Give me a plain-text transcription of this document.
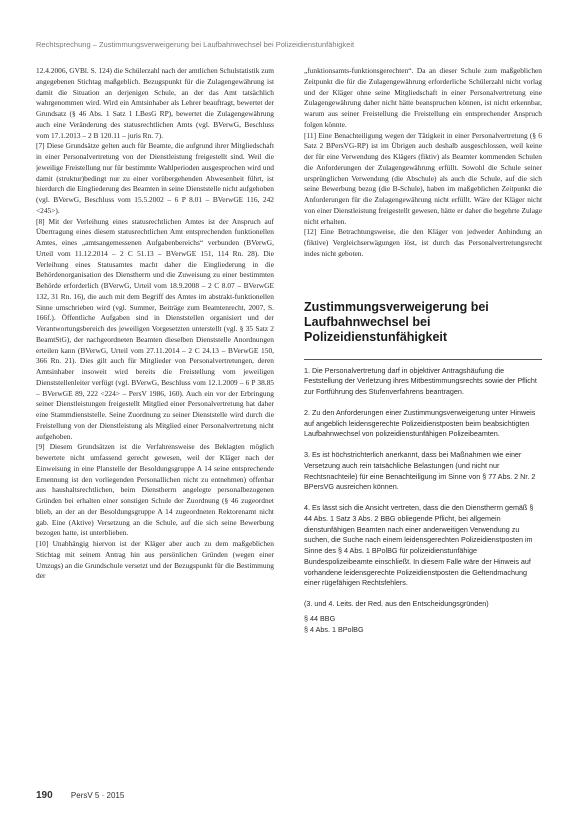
Rechtsprechung – Zustimmungsverweigerung bei Laufbahnwechsel bei Polizeidienstunfähigkeit

12.4.2006, GVBl. S. 124) die Schülerzahl nach der amtlichen Schulstatistik zum angegebenen Stichtag maßgeblich. Bezugspunkt für die Zulagengewährung ist damit die Situation an derjenigen Schule, an der das Amt tatsächlich wahrgenommen wird. Wird ein Amtsinhaber als Lehrer beauftragt, bewertet der Grundsatz (§ 46 Abs. 1 Satz 1 LBesG RP), bewertet die Zulagengewährung auch eine Veränderung des statusrechtlichen Amts (vgl. BVerwG, Beschluss vom 17.1.2013 – 2 B 120.11 – juris Rn. 7).

[7] Diese Grundsätze gelten auch für Beamte, die aufgrund ihrer Mitgliedschaft in einer Personalvertretung von der Dienstleistung freigestellt sind. Weil die jeweilige Freistellung nur für bestimmte Wahlperioden ausgesprochen wird und damit (struktur)bedingt nur zu einer vorübergehenden Abwesenheit führt, ist hierdurch die Eingliederung des Beamten in seine Dienststelle nicht aufgehoben (vgl. BVerwG, Beschluss vom 15.5.2002 – 6 P 8.01 – BVerwGE 116, 242 <245>).

[8] Mit der Verleihung eines statusrechtlichen Amtes ist der Anspruch auf Übertragung eines diesem statusrechtlichen Amt entsprechenden funktionellen Amtes, eines „amtsangemessenen Aufgabenbereichs“ verbunden (BVerwG, Urteil vom 11.12.2014 – 2 C 51.13 – BVerwGE 151, 114 Rn. 28). Die Verleihung eines Statusamtes macht daher die Eingliederung in die Behördenorganisation des Dienstherrn und die Zuweisung zu einer bestimmten Behörde erforderlich (BVerwG, Urteil vom 18.9.2008 – 2 C 8.07 – BVerwGE 132, 31 Rn. 16), die auch mit dem Begriff des Amtes im abstrakt-funktionellen Sinne umschrieben wird (vgl. Summer, Beiträge zum Beamtenrecht, 2007, S. 166f.). Öffentliche Aufgaben sind in Dienststellen organisiert und der Verantwortungsbereich des jeweiligen Vorgesetzten unterstellt (vgl. § 35 Satz 2 BeamtStG), der nachgeordneten Beamten dieselben Dienststelle Anordnungen erteilen kann (BVerwG, Urteil vom 27.11.2014 – 2 C 24.13 – BVerwGE 150, 366 Rn. 21). Dies gilt auch für Mitglieder von Personalvertretungen, deren Amtsinhaber insoweit wird bereits die Freistellung vom jeweiligen Dienststellenleiter verfügt (vgl. BVerwG, Beschluss vom 12.1.2009 – 6 P 38.85 – BVerwGE 89, 222 <224> – PersV 1986, 160). Auch ein vor der Erbringung seiner Dienstleistungen freigestellt Mitglied einer Personalvertretung hat daher eine Stammdienststelle. Seine Zuordnung zu seiner Dienststelle wird durch die Freistellung von der Dienstleistung als Mitglied einer Personalvertretung nicht aufgehoben.

[9] Diesem Grundsätzen ist die Verfahrensweise des Beklagten möglich bewertete nicht umfassend gerecht gewesen, weil der Kläger nach der Einweisung in eine Planstelle der Besoldungsgruppe A 14 seine entsprechende Ernennung ist den vorliegenden Personallichen nicht zu entnehmen) offenbar aus haushaltsrechtlichen, beim Dienstherrn angelegte personalbezogenen Gründen bei erhalten einer sonstigen Schule der Zuordnung (§ 46 zugeordnet blieb, an der an der Besoldungsgruppe A 14 zugeordneten Rektorenamt nicht gab. Eine (Aktive) Versetzung an die Schule, auf die sich seine Bewerbung bezogen hatte, ist unterblieben.

[10] Unabhängig hiervon ist der Kläger aber auch zu dem maßgeblichen Stichtag mit seinem Antrag hin aus persönlichen Gründen (wegen einer Umzugs) an die Grundschule versetzt und der Bezugspunkt für die Bestimmung der

„funktionsamts-funktionsgerechten“. Da an dieser Schule zum maßgeblichen Zeitpunkt die für die Zulagengewährung erforderliche Schülerzahl nicht vorlag und der Kläger ohne seine Mitgliedschaft in einer Personalvertretung eine Zulagengewährung daher nicht hätte beanspruchen können, ist nicht erkennbar, warum aus seiner Freistellung die Freistellung ein entsprechender Anspruch folgen könnte.

[11] Eine Benachteiligung wegen der Tätigkeit in einer Personalvertretung (§ 6 Satz 2 BPersVG-RP) ist im Übrigen auch deshalb ausgeschlossen, weil keine der für eine Verwendung des Klägers (fiktiv) als Beamter kommenden Schulen die Anforderungen der Zulagengewährung erfüllt. Sowohl die Schule seiner ursprünglichen Verwendung (die Abschule) als auch die Schule, auf die sich seine Bewerbung bezog (die B-Schule), haben im maßgeblichen Zeitpunkt die Anforderungen für die Zulagengewährung nicht erfüllt. Wäre der Kläger nicht von einer Dienstleistung freigestellt gewesen, hätte er daher die begehrte Zulage nicht erhalten.

[12] Eine Betrachtungsweise, die den Kläger von jedweder Anbindung an (fiktive) Vergleichserwägungen löst, ist durch das Personalvertretungsrecht indes nicht geboten.

Zustimmungsverweigerung bei Laufbahnwechsel bei Polizeidienstunfähigkeit

1. Die Personalvertretung darf in objektiver Antragshäufung die Feststellung der Verletzung ihres Mitbestimmungsrechts sowie der Pflicht zur Fortführung des Stufenverfahrens beantragen.

2. Zu den Anforderungen einer Zustimmungsverweigerung unter Hinweis auf angeblich leidensgerechte Polizeidienstposten beim beabsichtigten Laufbahnwechsel von polizeidienstunfähigen Polizeibeamten.

3. Es ist höchstrichterlich anerkannt, dass bei Maßnahmen wie einer Versetzung auch rein tatsächliche Belastungen (und nicht nur Rechtsnachteile) für eine Benachteiligung im Sinne von § 77 Abs. 2 Nr. 2 BPersVG ausreichen können.

4. Es lässt sich die Ansicht vertreten, dass die den Dienstherrn gemäß § 44 Abs. 1 Satz 3 Abs. 2 BBG obliegende Pflicht, bei allgemein dienstunfähigen Beamten nach einer anderweitigen Verwendung zu suchen, die Suche nach einem leidensgerechten Polizeidienstposten im Sinne des § 4 Abs. 1 BPolBG für polizeidienstunfähige Bundespolizeibeamte einschließt. In diesem Falle wäre der Hinweis auf vorhandene leidensgerechte Polizeidienstposten die Geltendmachung einer rügefähigen Rechtsfehlers.

(3. und 4. Leits. der Red. aus den Entscheidungsgründen)
§ 44 BBG
§ 4 Abs. 1 BPolBG
190 PersV 5 · 2015
